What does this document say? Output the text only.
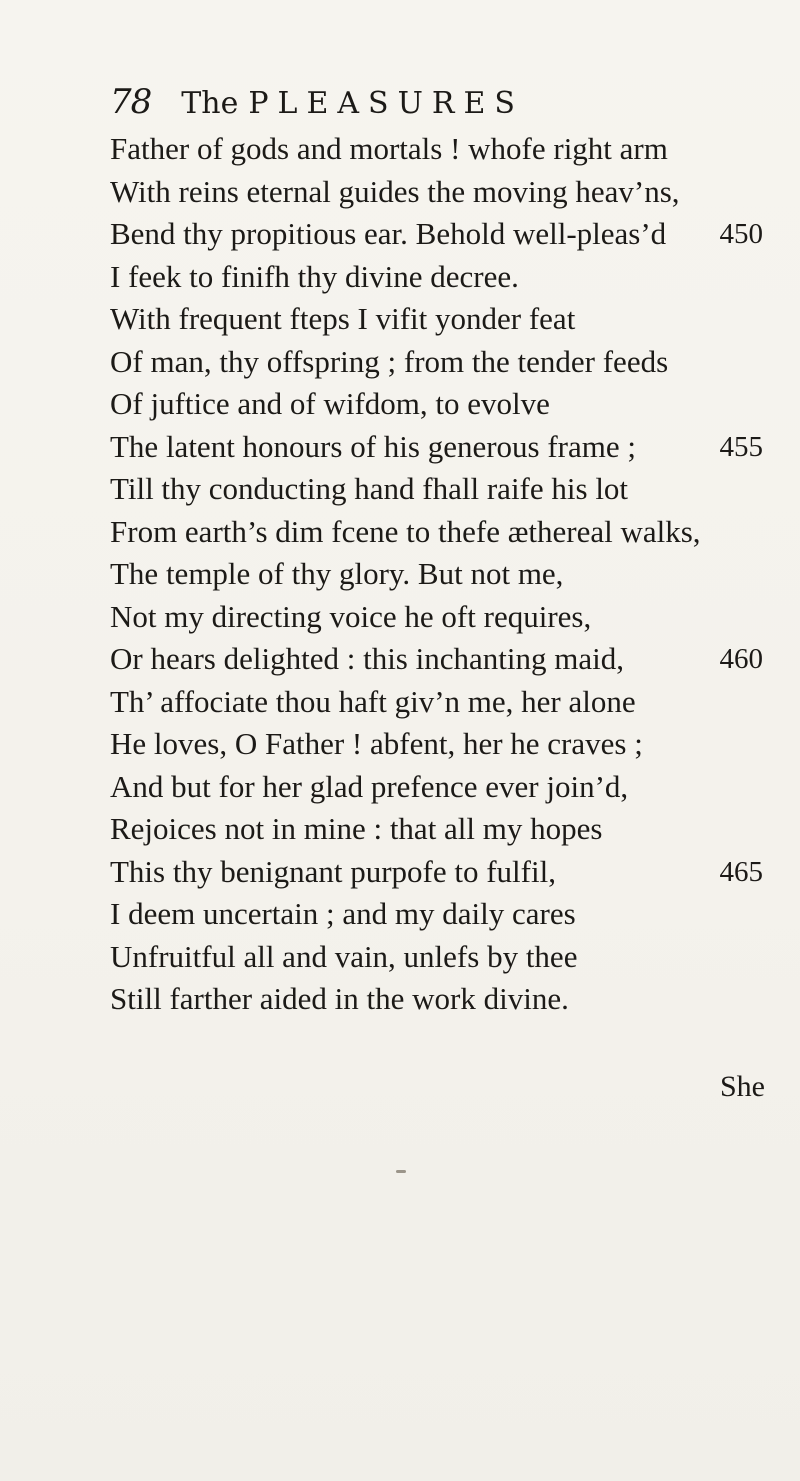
78 The PLEASURES
Father of gods and mortals ! whofe right arm
With reins eternal guides the moving heav’ns,
Bend thy propitious ear. Behold well-pleas’d 450
I feek to finifh thy divine decree.
With frequent fteps I vifit yonder feat
Of man, thy offspring ; from the tender feeds
Of juftice and of wifdom, to evolve
The latent honours of his generous frame ;	455
Till thy conducting hand fhall raife his lot
From earth’s dim fcene to thefe æthereal walks,
The temple of thy glory. But not me,
Not my directing voice he oft requires,
Or hears delighted : this inchanting maid,	460
Th’ affociate thou haft giv’n me, her alone
He loves, O Father ! abfent, her he craves ;
And but for her glad prefence ever join’d,
Rejoices not in mine : that all my hopes
This thy benignant purpofe to fulfil,	465
I deem uncertain ; and my daily cares
Unfruitful all and vain, unlefs by thee
Still farther aided in the work divine.
She
